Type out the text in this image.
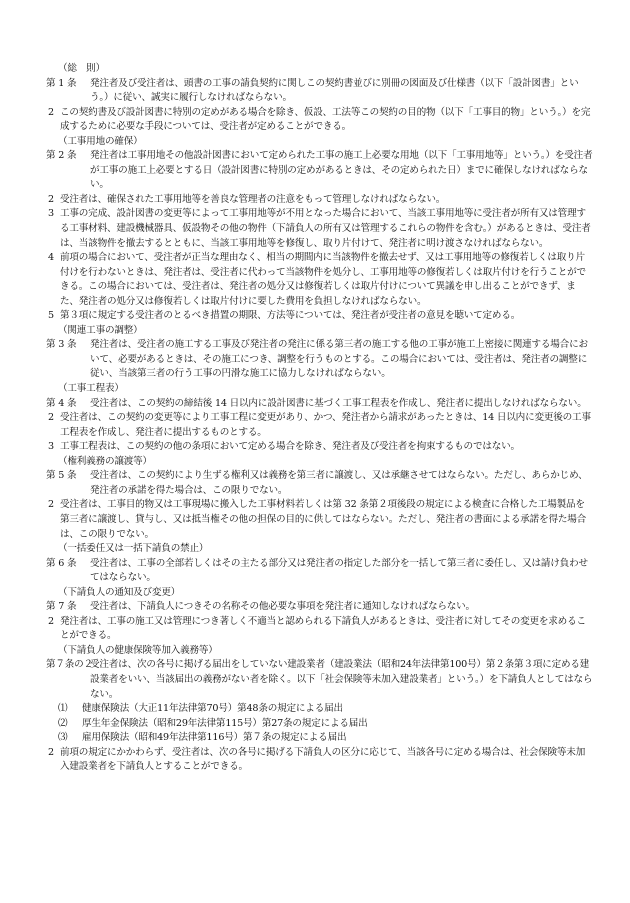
（総　則）
第 1 条 発注者及び受注者は、頭書の工事の請負契約に関しこの契約書並びに別冊の図面及び仕様書（以下「設計図書」という。）に従い、誠実に履行しなければならない。
2 この契約書及び設計図書に特別の定めがある場合を除き、仮設、工法等この契約の目的物（以下「工事目的物」という。）を完成するために必要な手段については、受注者が定めることができる。
（工事用地の確保）
第 2 条 発注者は工事用地その他設計図書において定められた工事の施工上必要な用地（以下「工事用地等」という。）を受注者が工事の施工上必要とする日（設計図書に特別の定めがあるときは、その定められた日）までに確保しなければならない。
2 受注者は、確保された工事用地等を善良な管理者の注意をもって管理しなければならない。
3 工事の完成、設計図書の変更等によって工事用地等が不用となった場合において、当該工事用地等に受注者が所有又は管理する工事材料、建設機械器具、仮設物その他の物件（下請負人の所有又は管理するこれらの物件を含む。）があるときは、受注者は、当該物件を撤去するとともに、当該工事用地等を修復し、取り片付けて、発注者に明け渡さなければならない。
4 前項の場合において、受注者が正当な理由なく、相当の期間内に当該物件を撤去せず、又は工事用地等の修復若しくは取り片付けを行わないときは、発注者は、受注者に代わって当該物件を処分し、工事用地等の修復若しくは取片付けを行うことができる。この場合においては、受注者は、発注者の処分又は修復若しくは取片付けについて異議を申し出ることができず、また、発注者の処分又は修復若しくは取片付けに要した費用を負担しなければならない。
5 第３項に規定する受注者のとるべき措置の期限、方法等については、発注者が受注者の意見を聴いて定める。
（関連工事の調整）
第 3 条 発注者は、受注者の施工する工事及び発注者の発注に係る第三者の施工する他の工事が施工上密接に関連する場合において、必要があるときは、その施工につき、調整を行うものとする。この場合においては、受注者は、発注者の調整に従い、当該第三者の行う工事の円滑な施工に協力しなければならない。
（工事工程表）
第 4 条 受注者は、この契約の締結後 14 日以内に設計図書に基づく工事工程表を作成し、発注者に提出しなければならない。
2 受注者は、この契約の変更等により工事工程に変更があり、かつ、発注者から請求があったときは、14 日以内に変更後の工事工程表を作成し、発注者に提出するものとする。
3 工事工程表は、この契約の他の条項において定める場合を除き、発注者及び受注者を拘束するものではない。
（権利義務の譲渡等）
第 5 条 受注者は、この契約により生ずる権利又は義務を第三者に譲渡し、又は承継させてはならない。ただし、あらかじめ、発注者の承諾を得た場合は、この限りでない。
2 受注者は、工事目的物又は工事現場に搬入した工事材料若しくは第 32 条第２項後段の規定による検査に合格した工場製品を第三者に譲渡し、貸与し、又は抵当権その他の担保の目的に供してはならない。ただし、発注者の書面による承諾を得た場合は、この限りでない。
（一括委任又は一括下請負の禁止）
第 6 条 受注者は、工事の全部若しくはその主たる部分又は発注者の指定した部分を一括して第三者に委任し、又は請け負わせてはならない。
（下請負人の通知及び変更）
第 7 条 受注者は、下請負人につきその名称その他必要な事項を発注者に通知しなければならない。
2 発注者は、工事の施工又は管理につき著しく不適当と認められる下請負人があるときは、受注者に対してその変更を求めることができる。
（下請負人の健康保険等加入義務等）
第７条の２
受注者は、次の各号に掲げる届出をしていない建設業者（建設業法（昭和24年法律第100号）第２条第３項に定める建設業者をいい、当該届出の義務がない者を除く。以下「社会保険等未加入建設業者」という。）を下請負人としてはならない。
⑴ 健康保険法（大正11年法律第70号）第48条の規定による届出
⑵ 厚生年金保険法（昭和29年法律第115号）第27条の規定による届出
⑶ 雇用保険法（昭和49年法律第116号）第７条の規定による届出
2 前項の規定にかかわらず、受注者は、次の各号に掲げる下請負人の区分に応じて、当該各号に定める場合は、社会保険等未加入建設業者を下請負人とすることができる。
